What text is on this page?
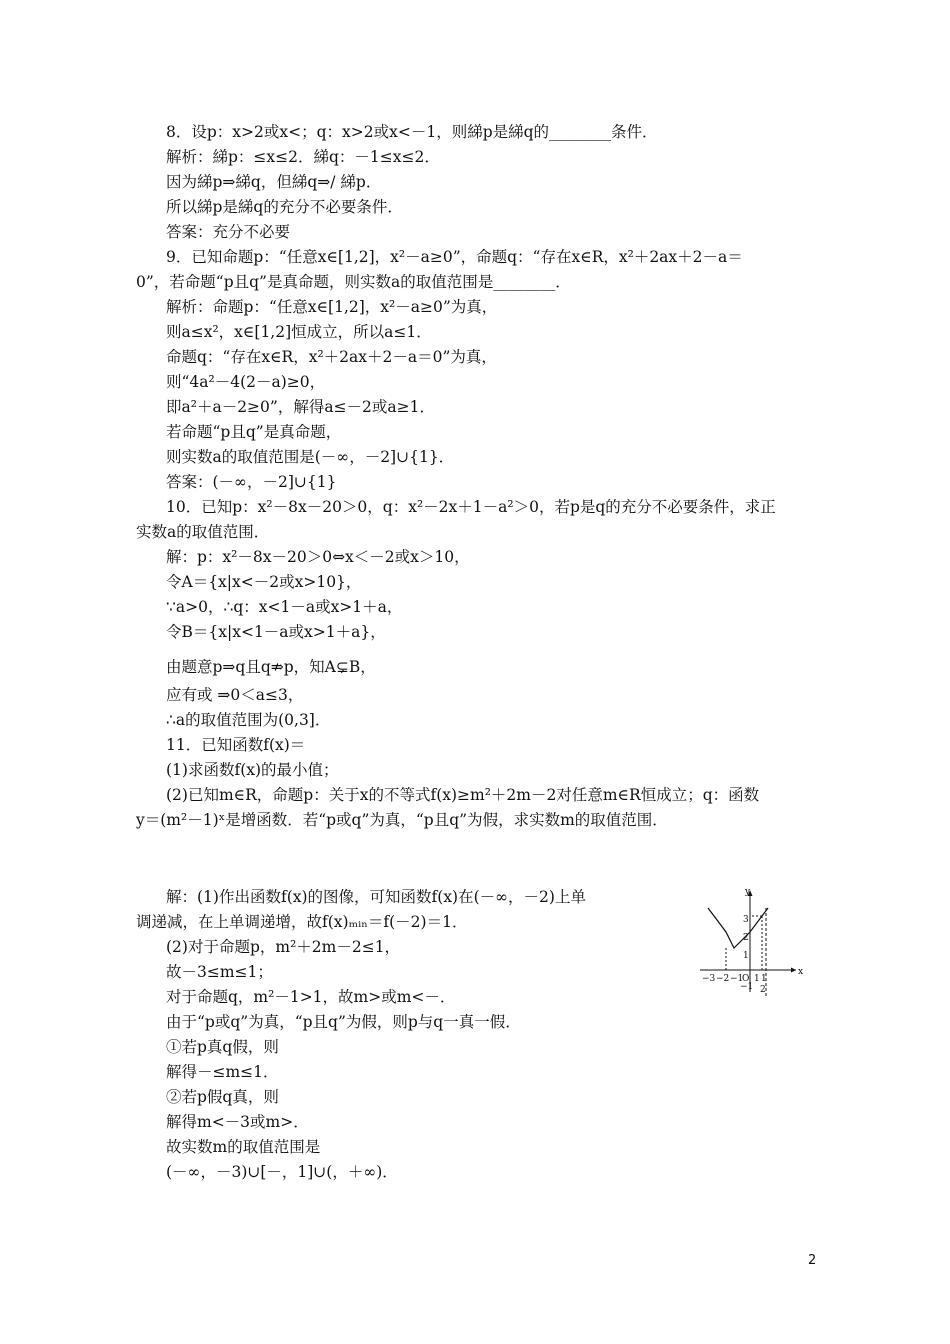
8．设p：x>2或x<；q：x>2或x<－1，则綈p是綈q的________条件．
解析：綈p：≤x≤2．綈q：－1≤x≤2．
因为綈p⇒綈q，但綈q⇒/ 綈p．
所以綈p是綈q的充分不必要条件．
答案：充分不必要
9．已知命题p：“任意x∈[1,2]，x²－a≥0”，命题q：“存在x∈R，x²＋2ax＋2－a＝
0”，若命题“p且q”是真命题，则实数a的取值范围是________．
解析：命题p：“任意x∈[1,2]，x²－a≥0”为真，
则a≤x²，x∈[1,2]恒成立，所以a≤1．
命题q：“存在x∈R，x²＋2ax＋2－a＝0”为真，
则“4a²－4(2－a)≥0，
即a²＋a－2≥0”，解得a≤－2或a≥1．
若命题“p且q”是真命题，
则实数a的取值范围是(－∞，－2]∪{1}．
答案：(－∞，－2]∪{1}
10．已知p：x²－8x－20＞0，q：x²－2x＋1－a²＞0，若p是q的充分不必要条件，求正
实数a的取值范围．
解：p：x²－8x－20＞0⇔x＜－2或x＞10，
令A＝{x|x<－2或x>10}，
∵a>0，∴q：x<1－a或x>1＋a，
令B＝{x|x<1－a或x>1＋a}，
由题意p⇒q且q⇏p，知A⊊B，
应有或 ⇒0＜a≤3，
∴a的取值范围为(0,3]．
11．已知函数f(x)＝
(1)求函数f(x)的最小值；
(2)已知m∈R，命题p：关于x的不等式f(x)≥m²＋2m－2对任意m∈R恒成立；q：函数
y＝(m²－1)ˣ是增函数．若“p或q”为真，“p且q”为假，求实数m的取值范围．
解：(1)作出函数f(x)的图像，可知函数f(x)在(－∞，－2)上单
调递减，在上单调递增，故f(x)ₘᵢₙ＝f(－2)＝1．
(2)对于命题p，m²＋2m－2≤1，
故－3≤m≤1；
对于命题q，m²－1>1，故m>或m<－．
由于“p或q”为真，“p且q”为假，则p与q一真一假．
①若p真q假，则
解得－≤m≤1．
②若p假q真，则
解得m<－3或m>．
故实数m的取值范围是
(－∞，－3)∪[－，1]∪(，＋∞)．
y
x
−3 −2 −1
O 1 1
2
3
2
1
−1
2
